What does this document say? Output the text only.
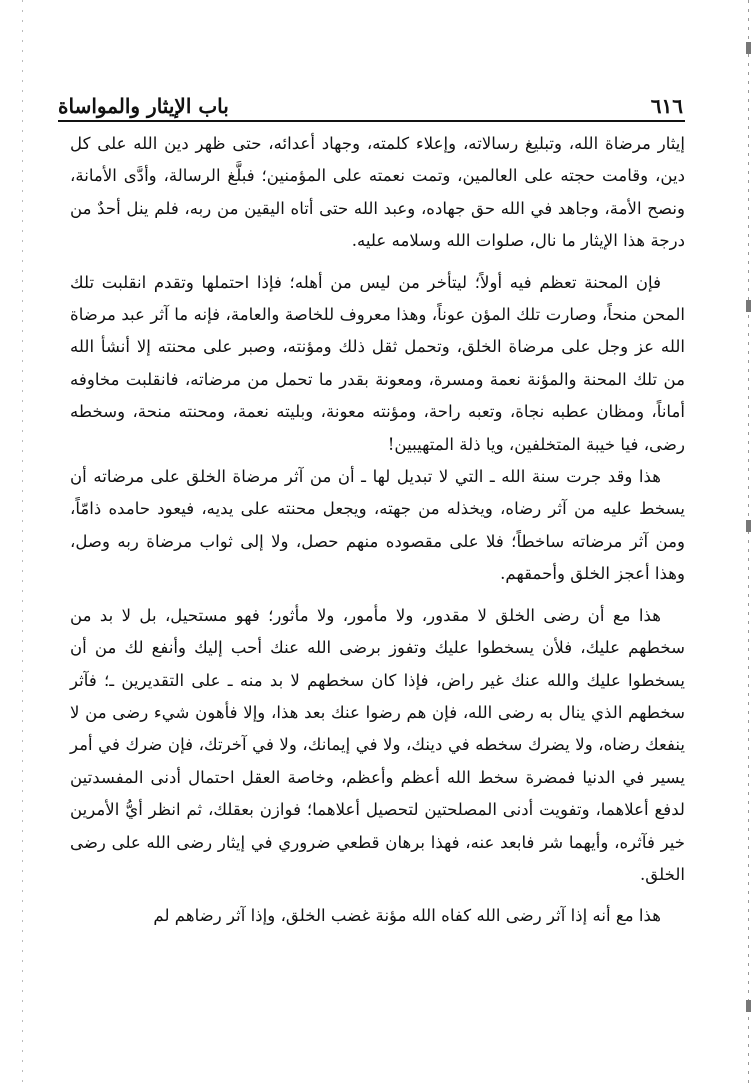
٦١٦
باب الإيثار والمواساة

إيثار مرضاة الله، وتبليغ رسالاته، وإعلاء كلمته، وجهاد أعدائه، حتى ظهر دين الله على كل دين، وقامت حجته على العالمين، وتمت نعمته على المؤمنين؛ فبلَّغ الرسالة، وأدَّى الأمانة، ونصح الأمة، وجاهد في الله حق جهاده، وعبد الله حتى أتاه اليقين من ربه، فلم ينل أحدٌ من درجة هذا الإيثار ما نال، صلوات الله وسلامه عليه.

فإن المحنة تعظم فيه أولاً؛ ليتأخر من ليس من أهله؛ فإذا احتملها وتقدم انقلبت تلك المحن منحاً، وصارت تلك المؤن عوناً، وهذا معروف للخاصة والعامة، فإنه ما آثر عبد مرضاة الله عز وجل على مرضاة الخلق، وتحمل ثقل ذلك ومؤنته، وصبر على محنته إلا أنشأ الله من تلك المحنة والمؤنة نعمة ومسرة، ومعونة بقدر ما تحمل من مرضاته، فانقلبت مخاوفه أماناً، ومظان عطبه نجاة، وتعبه راحة، ومؤنته معونة، وبليته نعمة، ومحنته منحة، وسخطه رضى، فيا خيبة المتخلفين، ويا ذلة المتهيبين!

هذا وقد جرت سنة الله ـ التي لا تبديل لها ـ أن من آثر مرضاة الخلق على مرضاته أن يسخط عليه من آثر رضاه، ويخذله من جهته، ويجعل محنته على يديه، فيعود حامده ذامّاً، ومن آثر مرضاته ساخطاً؛ فلا على مقصوده منهم حصل، ولا إلى ثواب مرضاة ربه وصل، وهذا أعجز الخلق وأحمقهم.

هذا مع أن رضى الخلق لا مقدور، ولا مأمور، ولا مأثور؛ فهو مستحيل، بل لا بد من سخطهم عليك، فلأن يسخطوا عليك وتفوز برضى الله عنك أحب إليك وأنفع لك من أن يسخطوا عليك والله عنك غير راض، فإذا كان سخطهم لا بد منه ـ على التقديرين ـ؛ فآثر سخطهم الذي ينال به رضى الله، فإن هم رضوا عنك بعد هذا، وإلا فأهون شيء رضى من لا ينفعك رضاه، ولا يضرك سخطه في دينك، ولا في إيمانك، ولا في آخرتك، فإن ضرك في أمر يسير في الدنيا فمضرة سخط الله أعظم وأعظم، وخاصة العقل احتمال أدنى المفسدتين لدفع أعلاهما، وتفويت أدنى المصلحتين لتحصيل أعلاهما؛ فوازن بعقلك، ثم انظر أيُّ الأمرين خير فآثره، وأيهما شر فابعد عنه، فهذا برهان قطعي ضروري في إيثار رضى الله على رضى الخلق.

هذا مع أنه إذا آثر رضى الله كفاه الله مؤنة غضب الخلق، وإذا آثر رضاهم لم
